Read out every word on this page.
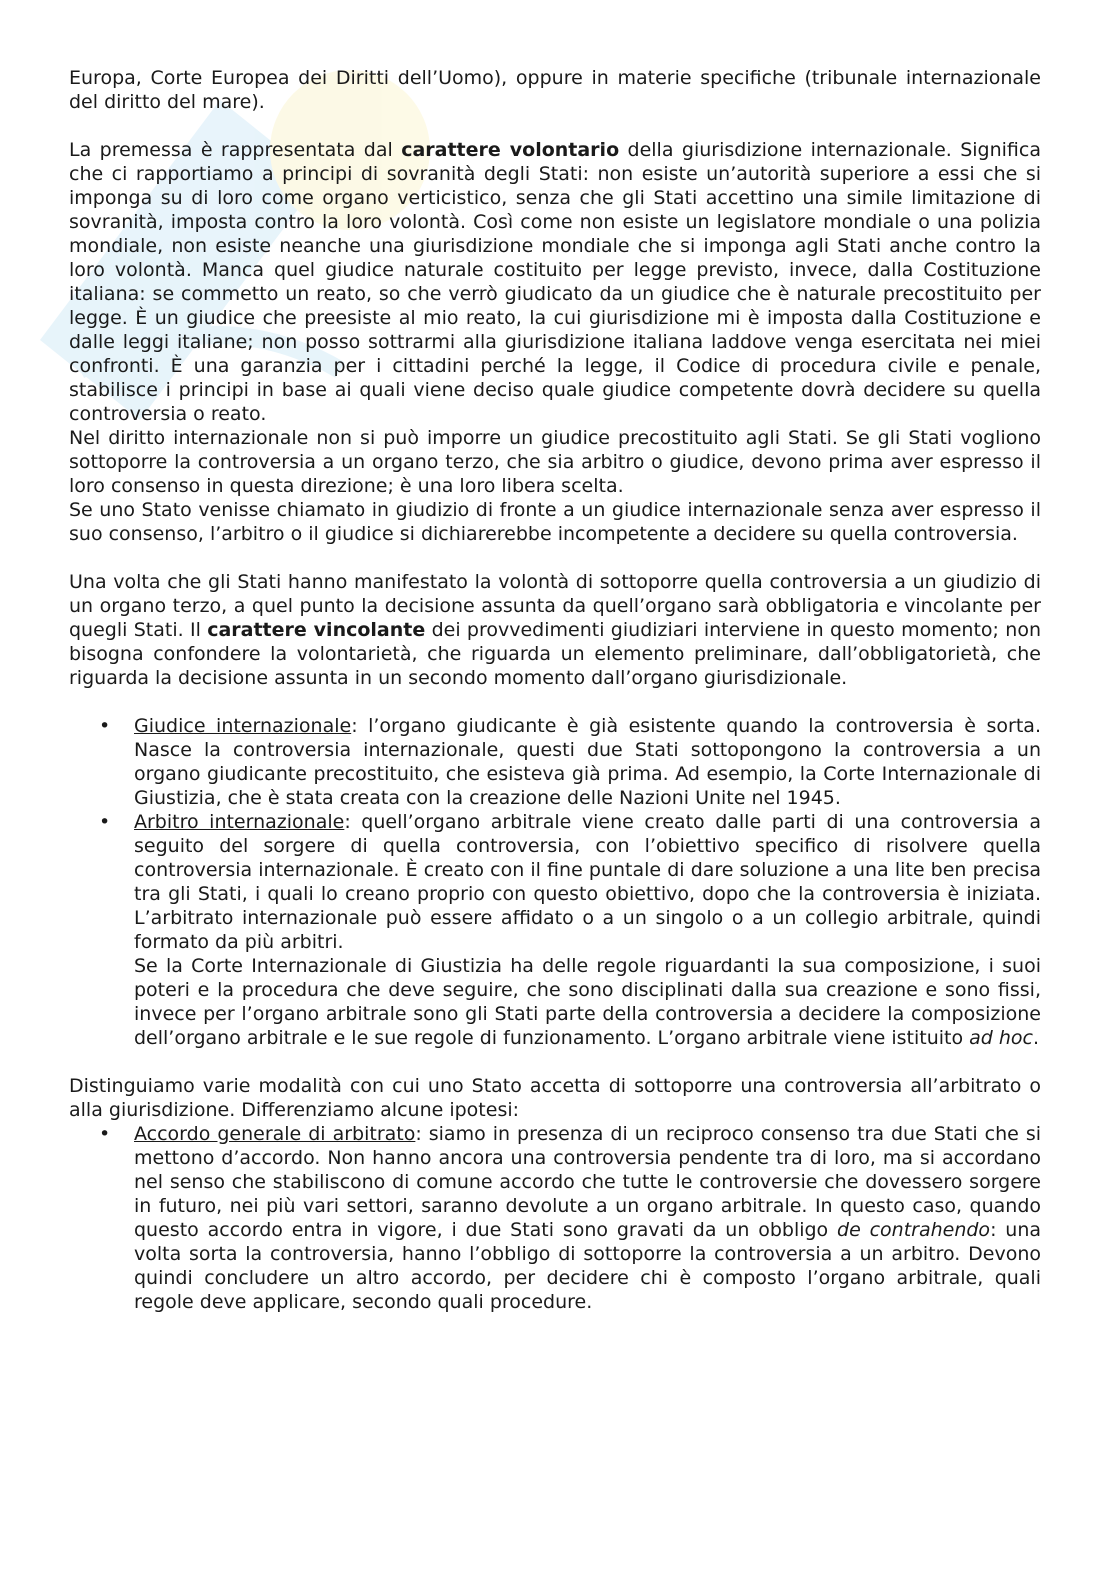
Europa, Corte Europea dei Diritti dell’Uomo), oppure in materie specifiche (tribunale internazionale del diritto del mare).

La premessa è rappresentata dal carattere volontario della giurisdizione internazionale. Significa che ci rapportiamo a principi di sovranità degli Stati: non esiste un’autorità superiore a essi che si imponga su di loro come organo verticistico, senza che gli Stati accettino una simile limitazione di sovranità, imposta contro la loro volontà. Così come non esiste un legislatore mondiale o una polizia mondiale, non esiste neanche una giurisdizione mondiale che si imponga agli Stati anche contro la loro volontà. Manca quel giudice naturale costituito per legge previsto, invece, dalla Costituzione italiana: se commetto un reato, so che verrò giudicato da un giudice che è naturale precostituito per legge. È un giudice che preesiste al mio reato, la cui giurisdizione mi è imposta dalla Costituzione e dalle leggi italiane; non posso sottrarmi alla giurisdizione italiana laddove venga esercitata nei miei confronti. È una garanzia per i cittadini perché la legge, il Codice di procedura civile e penale, stabilisce i principi in base ai quali viene deciso quale giudice competente dovrà decidere su quella controversia o reato.

Nel diritto internazionale non si può imporre un giudice precostituito agli Stati. Se gli Stati vogliono sottoporre la controversia a un organo terzo, che sia arbitro o giudice, devono prima aver espresso il loro consenso in questa direzione; è una loro libera scelta.

Se uno Stato venisse chiamato in giudizio di fronte a un giudice internazionale senza aver espresso il suo consenso, l’arbitro o il giudice si dichiarerebbe incompetente a decidere su quella controversia.

Una volta che gli Stati hanno manifestato la volontà di sottoporre quella controversia a un giudizio di un organo terzo, a quel punto la decisione assunta da quell’organo sarà obbligatoria e vincolante per quegli Stati. Il carattere vincolante dei provvedimenti giudiziari interviene in questo momento; non bisogna confondere la volontarietà, che riguarda un elemento preliminare, dall’obbligatorietà, che riguarda la decisione assunta in un secondo momento dall’organo giurisdizionale.

• Giudice internazionale: l’organo giudicante è già esistente quando la controversia è sorta. Nasce la controversia internazionale, questi due Stati sottopongono la controversia a un organo giudicante precostituito, che esisteva già prima. Ad esempio, la Corte Internazionale di Giustizia, che è stata creata con la creazione delle Nazioni Unite nel 1945.

• Arbitro internazionale: quell’organo arbitrale viene creato dalle parti di una controversia a seguito del sorgere di quella controversia, con l’obiettivo specifico di risolvere quella controversia internazionale. È creato con il fine puntale di dare soluzione a una lite ben precisa tra gli Stati, i quali lo creano proprio con questo obiettivo, dopo che la controversia è iniziata. L’arbitrato internazionale può essere affidato o a un singolo o a un collegio arbitrale, quindi formato da più arbitri.

Se la Corte Internazionale di Giustizia ha delle regole riguardanti la sua composizione, i suoi poteri e la procedura che deve seguire, che sono disciplinati dalla sua creazione e sono fissi, invece per l’organo arbitrale sono gli Stati parte della controversia a decidere la composizione dell’organo arbitrale e le sue regole di funzionamento. L’organo arbitrale viene istituito ad hoc.

Distinguiamo varie modalità con cui uno Stato accetta di sottoporre una controversia all’arbitrato o alla giurisdizione. Differenziamo alcune ipotesi:

• Accordo generale di arbitrato: siamo in presenza di un reciproco consenso tra due Stati che si mettono d’accordo. Non hanno ancora una controversia pendente tra di loro, ma si accordano nel senso che stabiliscono di comune accordo che tutte le controversie che dovessero sorgere in futuro, nei più vari settori, saranno devolute a un organo arbitrale. In questo caso, quando questo accordo entra in vigore, i due Stati sono gravati da un obbligo de contrahendo: una volta sorta la controversia, hanno l’obbligo di sottoporre la controversia a un arbitro. Devono quindi concludere un altro accordo, per decidere chi è composto l’organo arbitrale, quali regole deve applicare, secondo quali procedure.
